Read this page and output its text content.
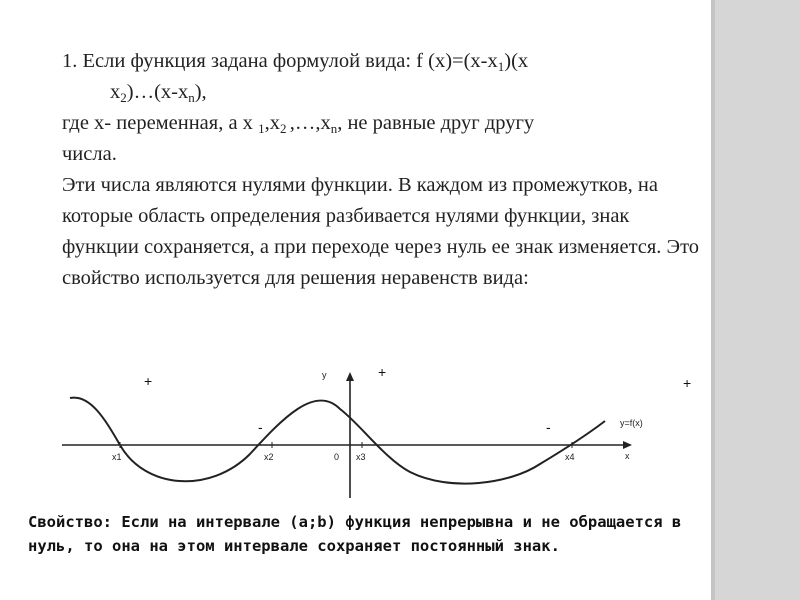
1. Если функция задана формулой вида: f $(x)=(x-x_1)(x$

$x_2)\dots(x-x_n)$,

где x- переменная, а x $_1,x_2$ $,\dots,x_n$, не равные друг другу

числа.

Эти числа являются нулями функции. В каждом из промежутков, на которые область определения разбивается нулями функции, знак функции сохраняется, а при переходе через нуль ее знак изменяется. Это свойство используется для решения неравенств вида:

y
x
y=f(x)
x1	x2	0 x3	x4
+
+
+
-	-
Свойство: Если на интервале (a;b) функция непрерывна и не обращается в нуль, то она на этом интервале сохраняет постоянный знак.
